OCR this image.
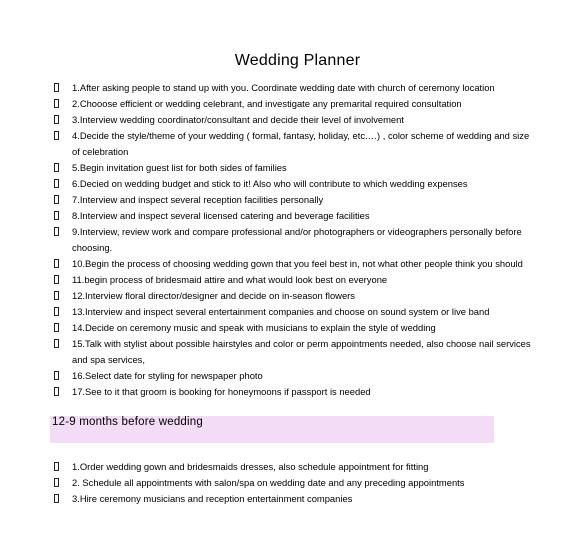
Wedding Planner
1.After asking people to stand up with you. Coordinate wedding date with church of ceremony location
2.Chooose efficient or wedding celebrant, and investigate any premarital required consultation
3.Interview wedding coordinator/consultant and decide their level of involvement
4.Decide the style/theme of your wedding ( formal, fantasy, holiday, etc.…) , color scheme of wedding and size of celebration
5.Begin invitation guest list for both sides of families
6.Decied on wedding budget and stick to it! Also who will contribute to which wedding expenses
7.Interview and inspect several reception facilities personally
8.Interview and inspect several licensed catering and beverage facilities
9.Interview, review work and compare professional and/or photographers or videographers personally before choosing.
10.Begin the process of choosing wedding gown that you feel best in, not what other people think you should
11.begin process of bridesmaid attire and what would look best on everyone
12.Interview floral director/designer and decide on in-season flowers
13.Interview and inspect several entertainment companies and choose on sound system or live band
14.Decide on ceremony music and speak with musicians to explain the style of wedding
15.Talk with stylist about possible hairstyles and color or perm appointments needed, also choose nail services and spa services,
16.Select date for styling for newspaper photo
17.See to it that groom is booking for honeymoons if passport is needed
12-9 months before wedding
1.Order wedding gown and bridesmaids dresses, also schedule appointment for fitting
2. Schedule all appointments with salon/spa on wedding date and any preceding appointments
3.Hire ceremony musicians and reception entertainment companies
